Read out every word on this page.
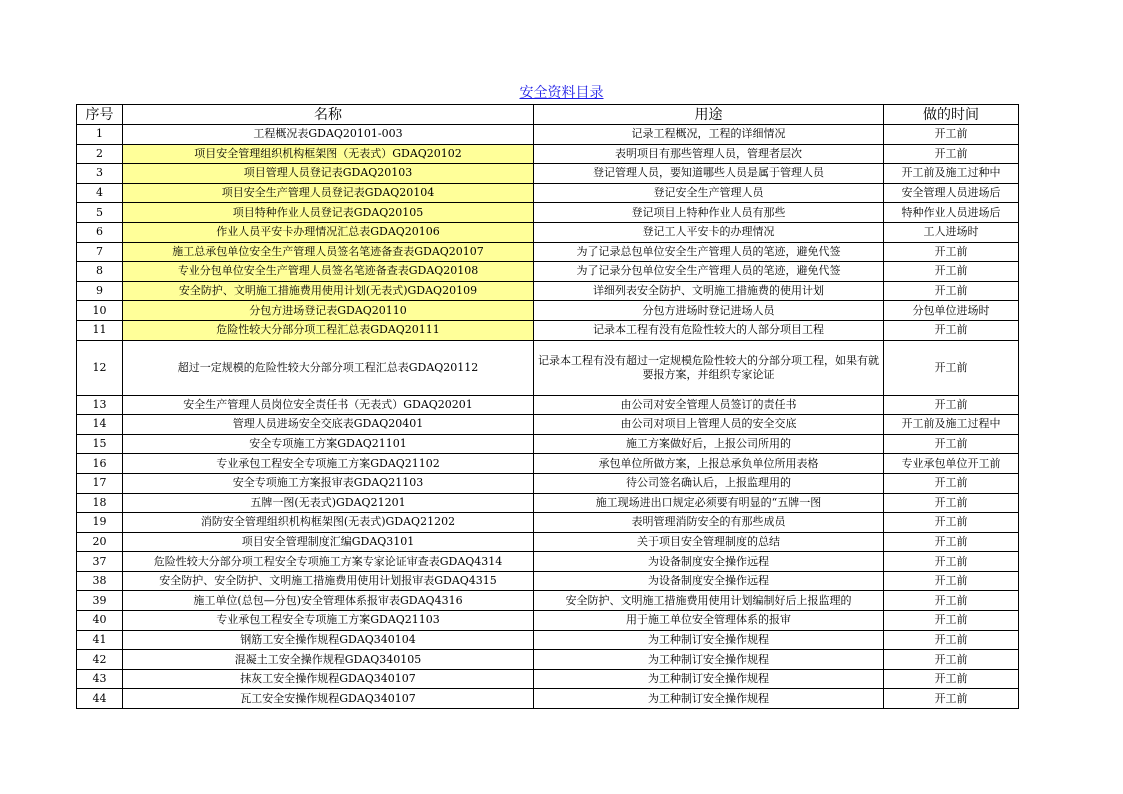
安全资料目录
序号	名称	用途	做的时间
1	工程概况表GDAQ20101-003	记录工程概况，工程的详细情况	开工前
2	项目安全管理组织机构框架图（无表式）GDAQ20102	表明项目有那些管理人员，管理者层次	开工前
3	项目管理人员登记表GDAQ20103	登记管理人员，要知道哪些人员是属于管理人员	开工前及施工过种中
4	项目安全生产管理人员登记表GDAQ20104	登记安全生产管理人员	安全管理人员进场后
5	项目特种作业人员登记表GDAQ20105	登记项目上特种作业人员有那些	特种作业人员进场后
6	作业人员平安卡办理情况汇总表GDAQ20106	登记工人平安卡的办理情况	工人进场时
7	施工总承包单位安全生产管理人员签名笔迹备查表GDAQ20107	为了记录总包单位安全生产管理人员的笔迹，避免代签	开工前
8	专业分包单位安全生产管理人员签名笔迹备查表GDAQ20108	为了记录分包单位安全生产管理人员的笔迹，避免代签	开工前
9	安全防护、文明施工措施费用使用计划(无表式)GDAQ20109	详细列表安全防护、文明施工措施费的使用计划	开工前
10	分包方进场登记表GDAQ20110	分包方进场时登记进场人员	分包单位进场时
11	危险性较大分部分项工程汇总表GDAQ20111	记录本工程有没有危险性较大的人部分项目工程	开工前
12	超过一定规模的危险性较大分部分项工程汇总表GDAQ20112	记录本工程有没有超过一定规模危险性较大的分部分项工程，如果有就要报方案，并组织专家论证	开工前
13	安全生产管理人员岗位安全责任书（无表式）GDAQ20201	由公司对安全管理人员签订的责任书	开工前
14	管理人员进场安全交底表GDAQ20401	由公司对项目上管理人员的安全交底	开工前及施工过程中
15	安全专项施工方案GDAQ21101	施工方案做好后，上报公司所用的	开工前
16	专业承包工程安全专项施工方案GDAQ21102	承包单位所做方案，上报总承负单位所用表格	专业承包单位开工前
17	安全专项施工方案报审表GDAQ21103	待公司签名确认后，上报监理用的	开工前
18	五牌一图(无表式)GDAQ21201	施工现场进出口规定必须要有明显的“五牌一图	开工前
19	消防安全管理组织机构框架图(无表式)GDAQ21202	表明管理消防安全的有那些成员	开工前
20	项目安全管理制度汇编GDAQ3101	关于项目安全管理制度的总结	开工前
37	危险性较大分部分项工程安全专项施工方案专家论证审查表GDAQ4314	为设备制度安全操作远程	开工前
38	安全防护、安全防护、文明施工措施费用使用计划报审表GDAQ4315	为设备制度安全操作远程	开工前
39	施工单位(总包—分包)安全管理体系报审表GDAQ4316	安全防护、文明施工措施费用使用计划编制好后上报监理的	开工前
40	专业承包工程安全专项施工方案GDAQ21103	用于施工单位安全管理体系的报审	开工前
41	钢筋工安全操作规程GDAQ340104	为工种制订安全操作规程	开工前
42	混凝土工安全操作规程GDAQ340105	为工种制订安全操作规程	开工前
43	抹灰工安全操作规程GDAQ340107	为工种制订安全操作规程	开工前
44	瓦工安全安操作规程GDAQ340107	为工种制订安全操作规程	开工前
